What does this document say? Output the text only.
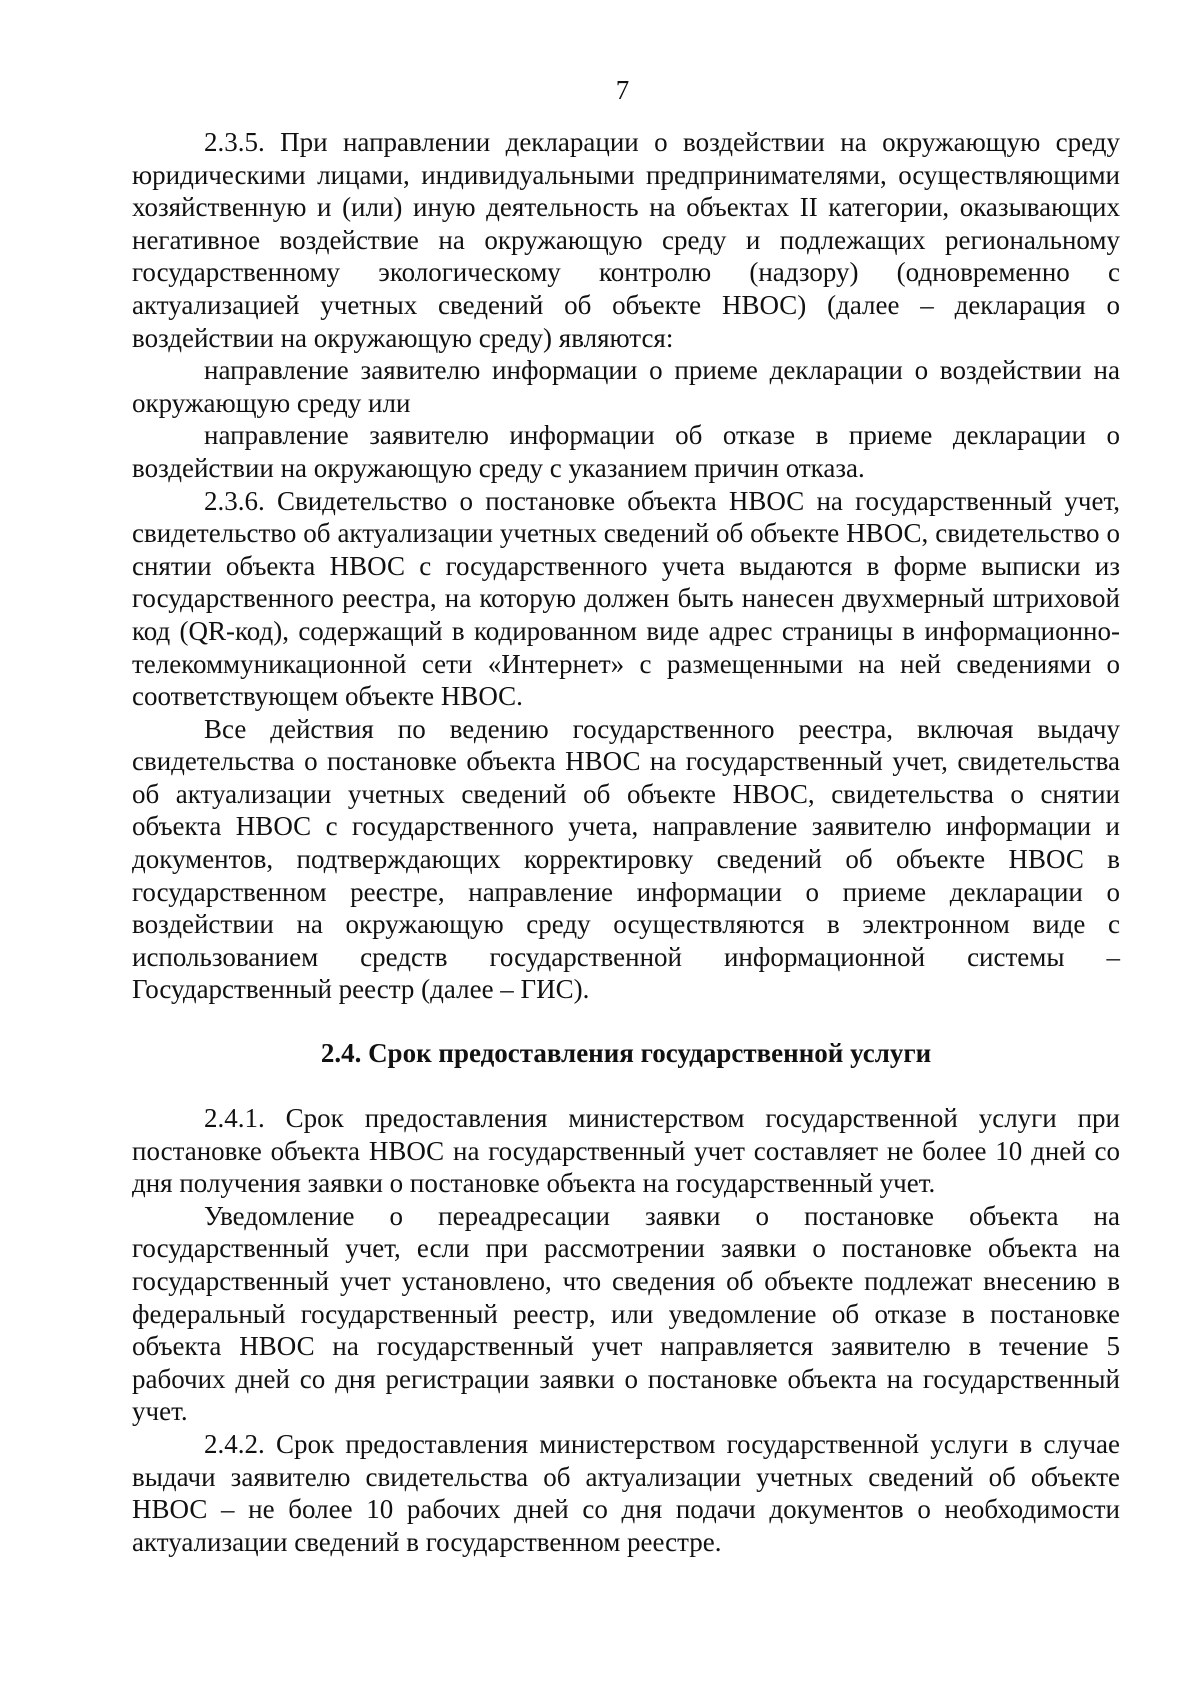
7

2.3.5. При направлении декларации о воздействии на окружающую среду юридическими лицами, индивидуальными предпринимателями, осуществляющими хозяйственную и (или) иную деятельность на объектах II категории, оказывающих негативное воздействие на окружающую среду и подлежащих региональному государственному экологическому контролю (надзору) (одновременно с актуализацией учетных сведений об объекте НВОС) (далее – декларация о воздействии на окружающую среду) являются:

направление заявителю информации о приеме декларации о воздействии на окружающую среду или

направление заявителю информации об отказе в приеме декларации о воздействии на окружающую среду с указанием причин отказа.

2.3.6. Свидетельство о постановке объекта НВОС на государственный учет, свидетельство об актуализации учетных сведений об объекте НВОС, свидетельство о снятии объекта НВОС с государственного учета выдаются в форме выписки из государственного реестра, на которую должен быть нанесен двухмерный штриховой код (QR-код), содержащий в кодированном виде адрес страницы в информационно-телекоммуникационной сети «Интернет» с размещенными на ней сведениями о соответствующем объекте НВОС.

Все действия по ведению государственного реестра, включая выдачу свидетельства о постановке объекта НВОС на государственный учет, свидетельства об актуализации учетных сведений об объекте НВОС, свидетельства о снятии объекта НВОС с государственного учета, направление заявителю информации и документов, подтверждающих корректировку сведений об объекте НВОС в государственном реестре, направление информации о приеме декларации о воздействии на окружающую среду осуществляются в электронном виде с использованием средств государственной информационной системы – Государственный реестр (далее – ГИС).

2.4. Срок предоставления государственной услуги

2.4.1. Срок предоставления министерством государственной услуги при постановке объекта НВОС на государственный учет составляет не более 10 дней со дня получения заявки о постановке объекта на государственный учет.

Уведомление о переадресации заявки о постановке объекта на государственный учет, если при рассмотрении заявки о постановке объекта на государственный учет установлено, что сведения об объекте подлежат внесению в федеральный государственный реестр, или уведомление об отказе в постановке объекта НВОС на государственный учет направляется заявителю в течение 5 рабочих дней со дня регистрации заявки о постановке объекта на государственный учет.

2.4.2. Срок предоставления министерством государственной услуги в случае выдачи заявителю свидетельства об актуализации учетных сведений об объекте НВОС – не более 10 рабочих дней со дня подачи документов о необходимости актуализации сведений в государственном реестре.
